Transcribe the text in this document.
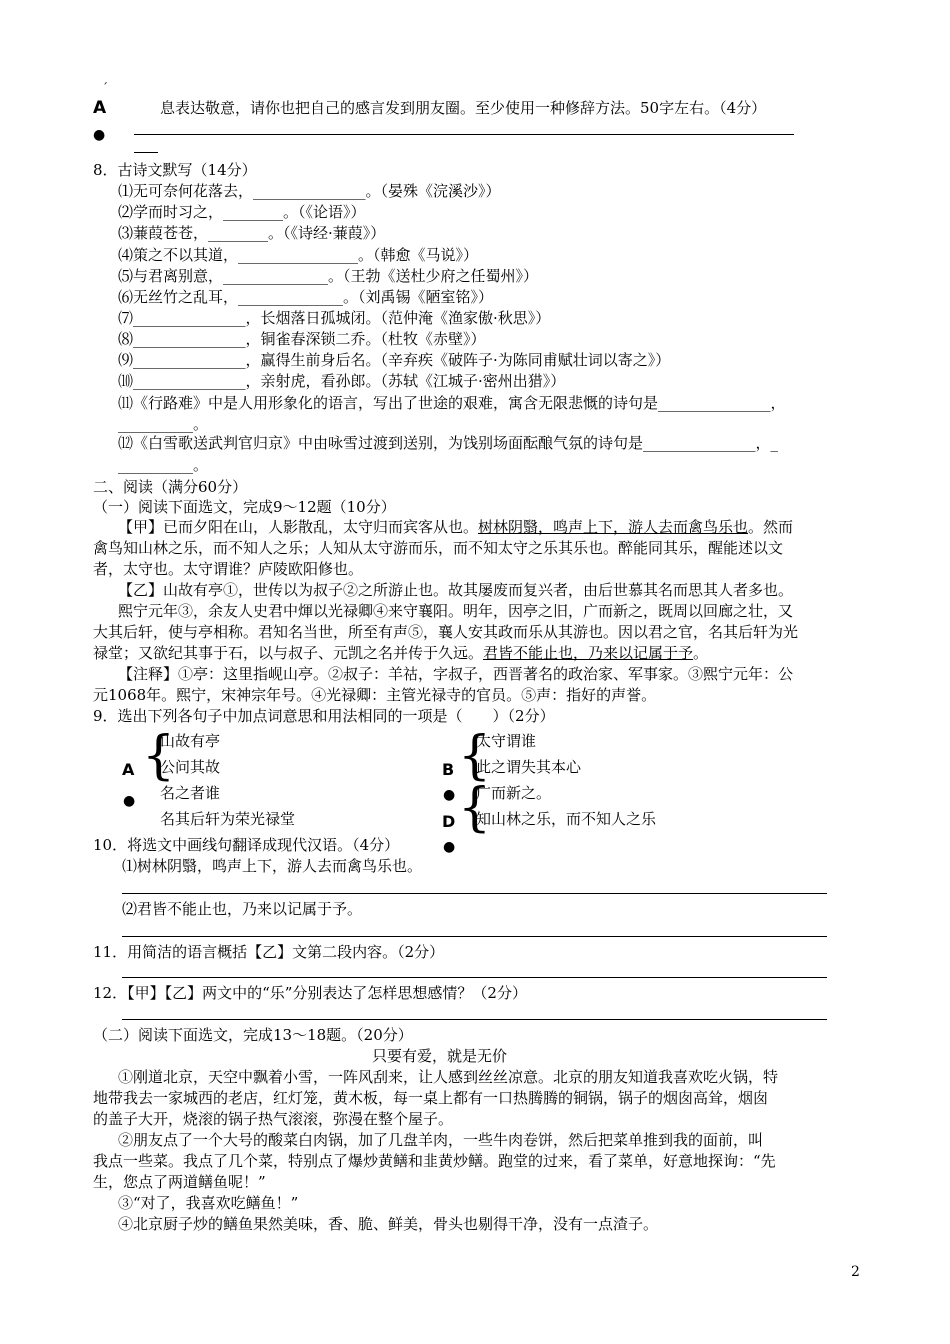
ˊ
A	息表达敬意，请你也把自己的感言发到朋友圈。至少使用一种修辞方法。50字左右。（4分）
●
8．古诗文默写（14分）
⑴无可奈何花落去，_______________。（晏殊《浣溪沙》）
⑵学而时习之，________。（《论语》）
⑶蒹葭苍苍，________。（《诗经·蒹葭》）
⑷策之不以其道，________________。（韩愈《马说》）
⑸与君离别意，______________。（王勃《送杜少府之任蜀州》）
⑹无丝竹之乱耳，______________。（刘禹锡《陋室铭》）
⑺_______________，长烟落日孤城闭。（范仲淹《渔家傲·秋思》）
⑻_______________，铜雀春深锁二乔。（杜牧《赤壁》）
⑼_______________，赢得生前身后名。（辛弃疾《破阵子·为陈同甫赋壮词以寄之》）
⑽_______________，亲射虎，看孙郎。（苏轼《江城子·密州出猎》）
⑾《行路难》中是人用形象化的语言，写出了世途的艰难，寓含无限悲慨的诗句是_______________，
__________。
⑿《白雪歌送武判官归京》中由咏雪过渡到送别，为饯别场面酝酿气氛的诗句是_______________，_
__________。
二、阅读（满分60分）
（一）阅读下面选文，完成9～12题（10分）
【甲】已而夕阳在山，人影散乱，太守归而宾客从也。树林阴翳，鸣声上下，游人去而禽鸟乐也。然而
禽鸟知山林之乐，而不知人之乐；人知从太守游而乐，而不知太守之乐其乐也。醉能同其乐，醒能述以文
者，太守也。太守谓谁？庐陵欧阳修也。
【乙】山故有亭①，世传以为叔子②之所游止也。故其屡废而复兴者，由后世慕其名而思其人者多也。
熙宁元年③，余友人史君中煇以光禄卿④来守襄阳。明年，因亭之旧，广而新之，既周以回廊之壮，又
大其后轩，使与亭相称。君知名当世，所至有声⑤，襄人安其政而乐从其游也。因以君之官，名其后轩为光
禄堂；又欲纪其事于石，以与叔子、元凯之名并传于久远。君皆不能止也，乃来以记属于予。
【注释】①亭：这里指岘山亭。②叔子：羊祜，字叔子，西晋著名的政治家、军事家。③熙宁元年：公
元1068年。熙宁，宋神宗年号。④光禄卿：主管光禄寺的官员。⑤声：指好的声誉。
9．选出下列各句子中加点词意思和用法相同的一项是（　　）（2分）
A
●
{
山故有亭
公问其故
名之者谁
名其后轩为荣光禄堂
B
●
{
太守谓谁
此之谓失其本心
D
●
{
广而新之。
知山林之乐，而不知人之乐
10．将选文中画线句翻译成现代汉语。（4分）
⑴树林阴翳，鸣声上下，游人去而禽鸟乐也。
⑵君皆不能止也，乃来以记属于予。
11．用简洁的语言概括【乙】文第二段内容。（2分）
12．【甲】【乙】两文中的“乐”分别表达了怎样思想感情？（2分）
（二）阅读下面选文，完成13～18题。（20分）
只要有爱，就是无价
①刚道北京，天空中飘着小雪，一阵风刮来，让人感到丝丝凉意。北京的朋友知道我喜欢吃火锅，特
地带我去一家城西的老店，红灯笼，黄木板，每一桌上都有一口热腾腾的铜锅，锅子的烟囱高耸，烟囱
的盖子大开，烧滚的锅子热气滚滚，弥漫在整个屋子。
②朋友点了一个大号的酸菜白肉锅，加了几盘羊肉，一些牛肉卷饼，然后把菜单推到我的面前，叫
我点一些菜。我点了几个菜，特别点了爆炒黄鳝和韭黄炒鳝。跑堂的过来，看了菜单，好意地探询：“先
生，您点了两道鳝鱼呢！”
③“对了，我喜欢吃鳝鱼！”
④北京厨子炒的鳝鱼果然美味，香、脆、鲜美，骨头也剔得干净，没有一点渣子。
2
